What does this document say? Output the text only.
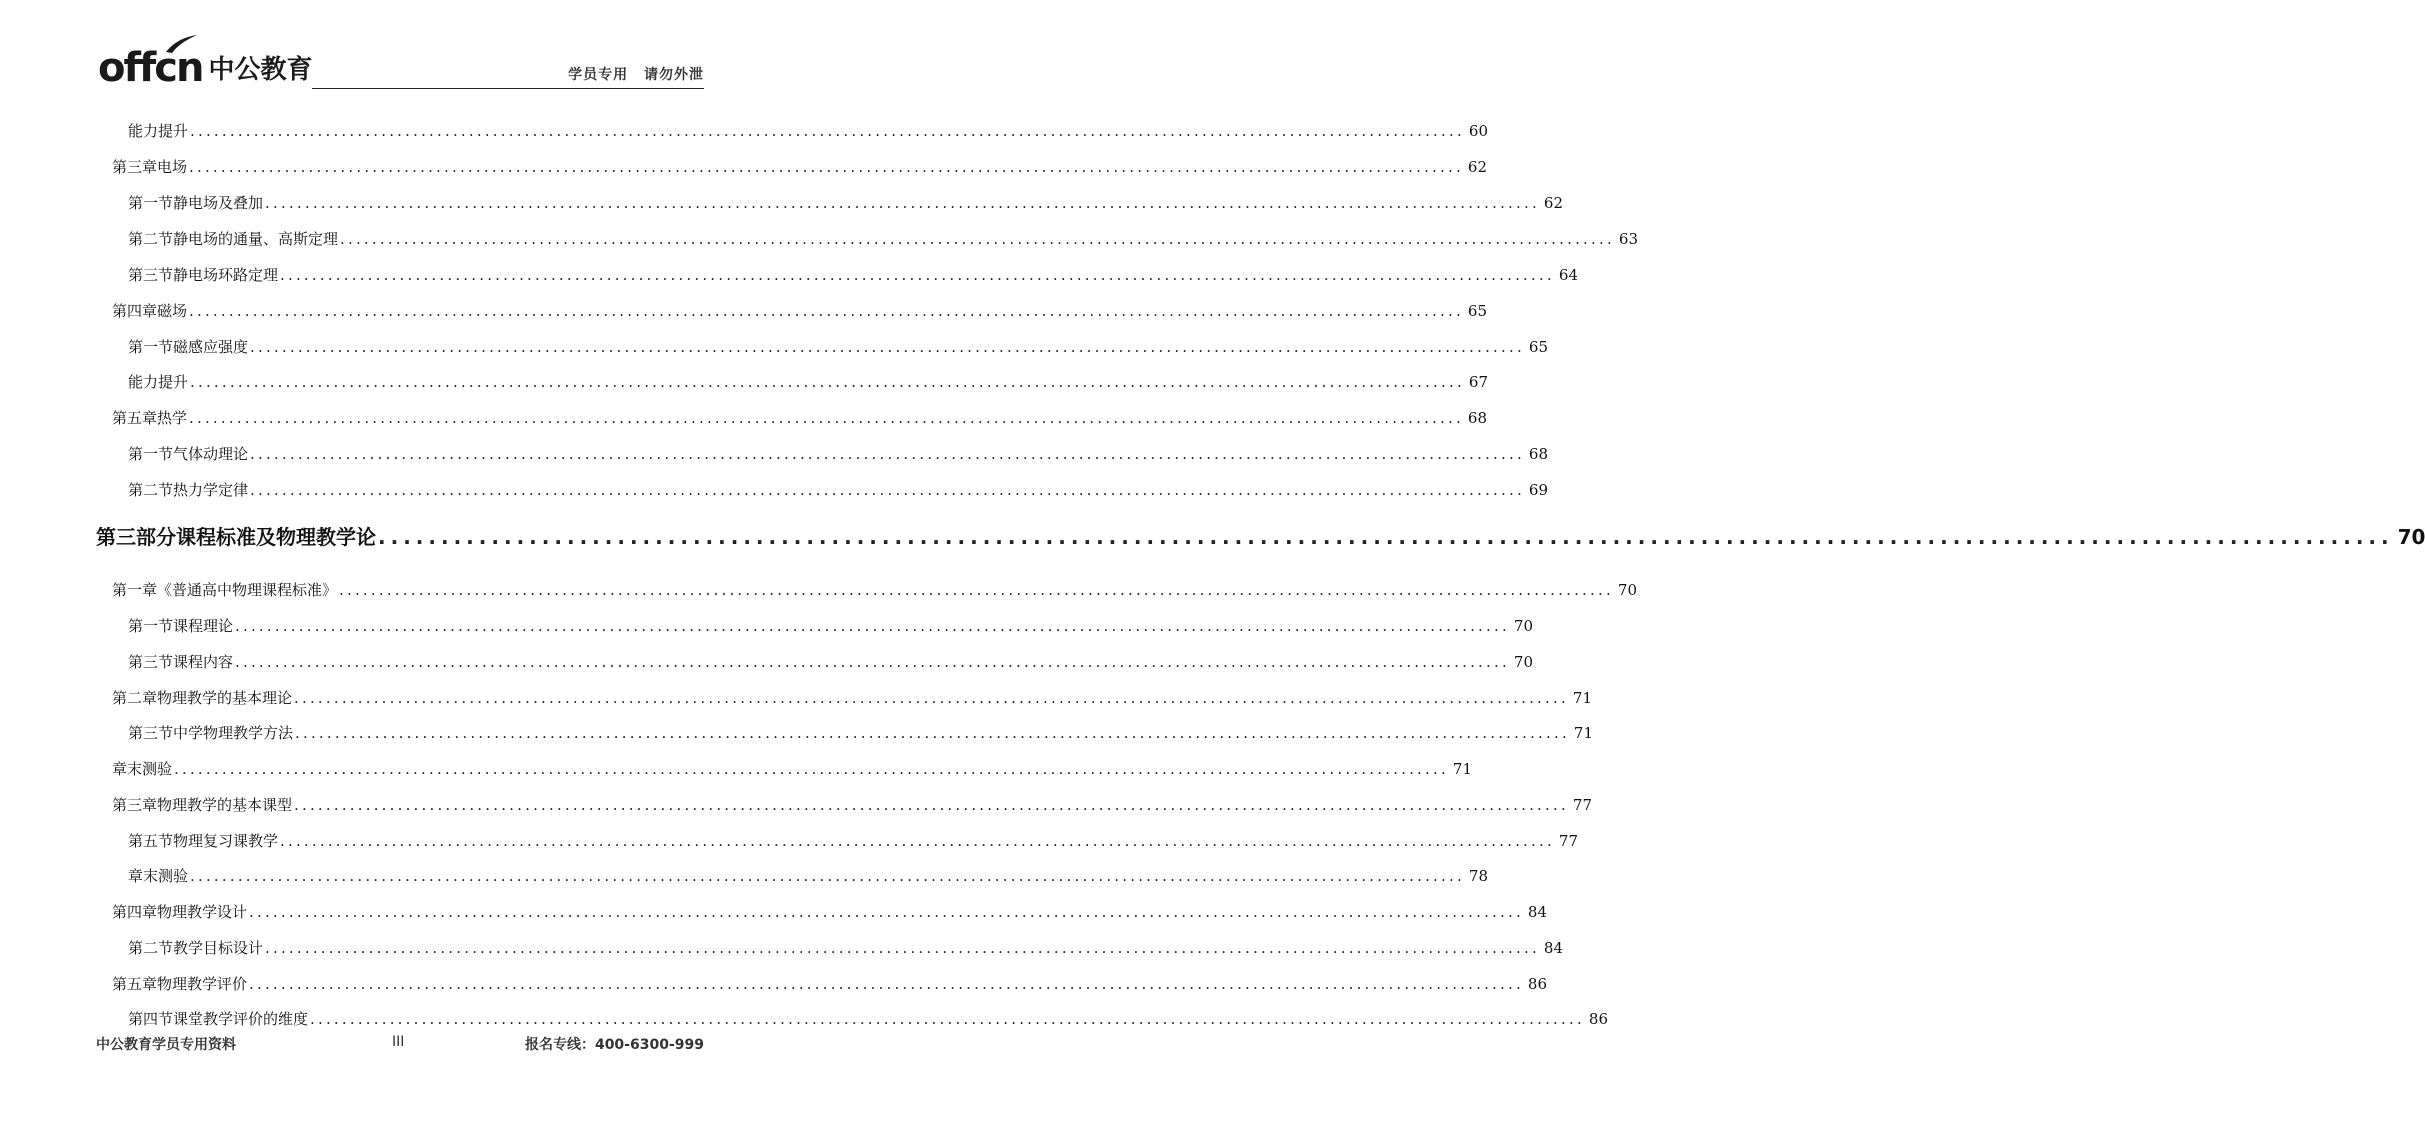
offcn 中公教育	学员专用 请勿外泄
能力提升 ................................................................................................................................................................ 60
第三章 电场 ................................................................................................................................................................ 62
第一节 静电场及叠加 ................................................................................................................................................................ 62
第二节 静电场的通量、高斯定理 ................................................................................................................................................................ 63
第三节 静电场环路定理 ................................................................................................................................................................ 64
第四章 磁场 ................................................................................................................................................................ 65
第一节 磁感应强度 ................................................................................................................................................................ 65
能力提升 ................................................................................................................................................................ 67
第五章 热学 ................................................................................................................................................................ 68
第一节 气体动理论 ................................................................................................................................................................ 68
第二节 热力学定律 ................................................................................................................................................................ 69
第三部分 课程标准及物理教学论 ................................................................................................................................................................ 70
第一章 《普通高中物理课程标准》 ................................................................................................................................................................ 70
第一节 课程理论 ................................................................................................................................................................ 70
第三节 课程内容 ................................................................................................................................................................ 70
第二章 物理教学的基本理论 ................................................................................................................................................................ 71
第三节 中学物理教学方法 ................................................................................................................................................................ 71
章末测验 ................................................................................................................................................................ 71
第三章 物理教学的基本课型 ................................................................................................................................................................ 77
第五节 物理复习课教学 ................................................................................................................................................................ 77
章末测验 ................................................................................................................................................................ 78
第四章 物理教学设计 ................................................................................................................................................................ 84
第二节 教学目标设计 ................................................................................................................................................................ 84
第五章 物理教学评价 ................................................................................................................................................................ 86
第四节 课堂教学评价的维度 ................................................................................................................................................................ 86
中公教育学员专用资料	III	报名专线：400-6300-999
